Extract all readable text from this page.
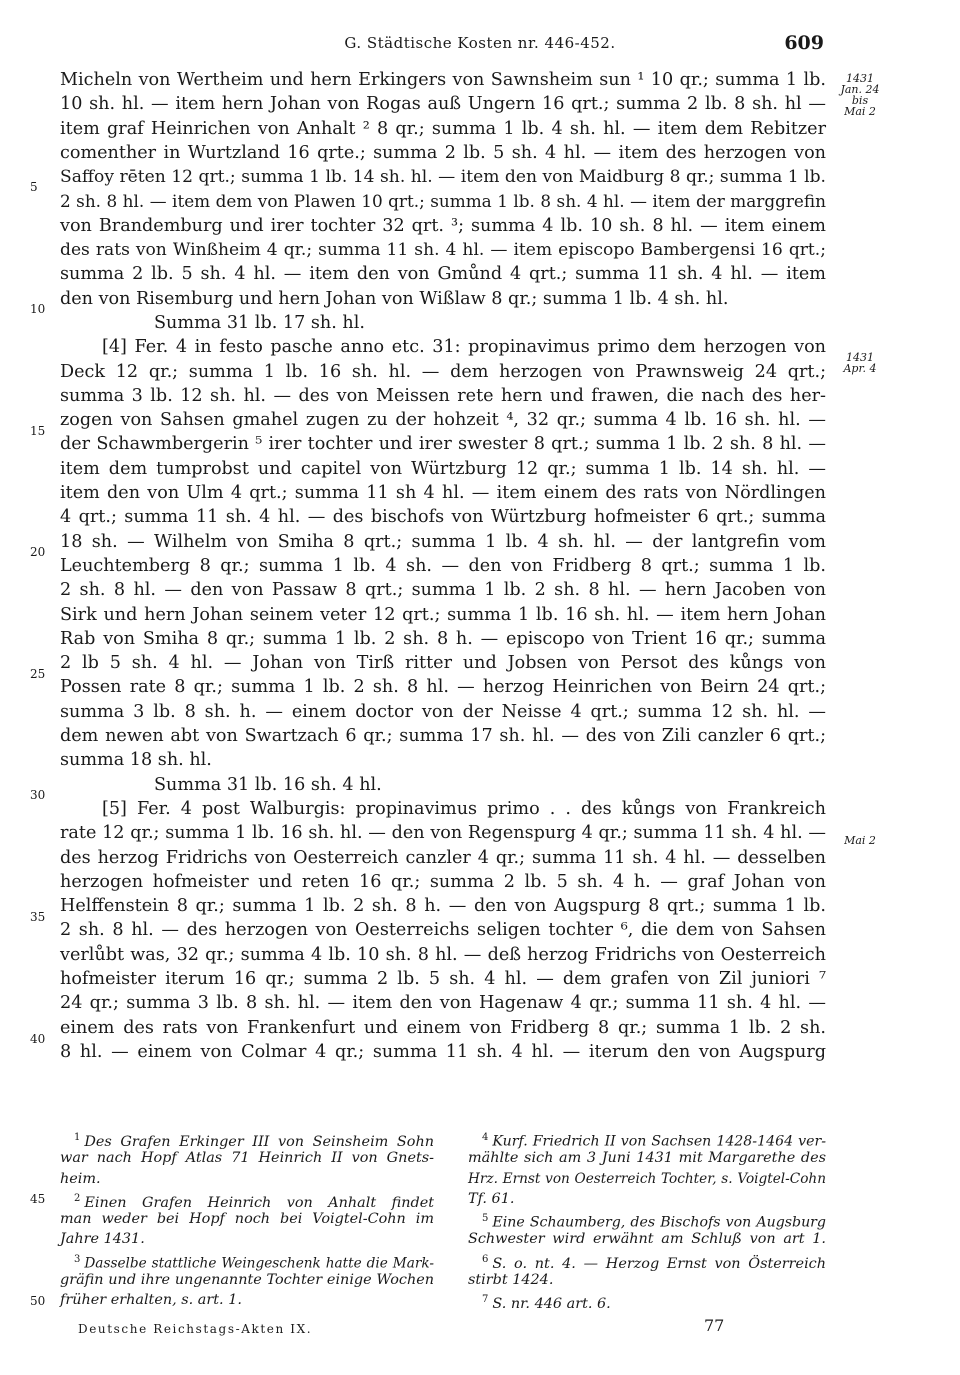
G. Städtische Kosten nr. 446-452.	609
5
10
15
20
25
30
35
40
1431
Jan. 24
bis
Mai 2
1431
Apr. 4
Mai 2
Micheln von Wertheim und hern Erkingers von Sawnsheim sun ¹ 10 qr.; summa 1 lb.
10 sh. hl. — item hern Johan von Rogas auß Ungern 16 qrt.; summa 2 lb. 8 sh. hl —
item graf Heinrichen von Anhalt ² 8 qr.; summa 1 lb. 4 sh. hl. — item dem Rebitzer
comenther in Wurtzland 16 qrte.; summa 2 lb. 5 sh. 4 hl. — item des herzogen von
Saffoy rēten 12 qrt.; summa 1 lb. 14 sh. hl. — item den von Maidburg 8 qr.; summa 1 lb.
2 sh. 8 hl. — item dem von Plawen 10 qrt.; summa 1 lb. 8 sh. 4 hl. — item der marggrefin
von Brandemburg und irer tochter 32 qrt. ³; summa 4 lb. 10 sh. 8 hl. — item einem
des rats von Winßheim 4 qr.; summa 11 sh. 4 hl. — item episcopo Bambergensi 16 qrt.;
summa 2 lb. 5 sh. 4 hl. — item den von Gmůnd 4 qrt.; summa 11 sh. 4 hl. — item
den von Risemburg und hern Johan von Wißlaw 8 qr.; summa 1 lb. 4 sh. hl.
Summa 31 lb. 17 sh. hl.
[4] Fer. 4 in festo pasche anno etc. 31: propinavimus primo dem herzogen von
Deck 12 qr.; summa 1 lb. 16 sh. hl. — dem herzogen von Prawnsweig 24 qrt.;
summa 3 lb. 12 sh. hl. — des von Meissen rete hern und frawen, die nach des her-
zogen von Sahsen gmahel zugen zu der hohzeit ⁴, 32 qr.; summa 4 lb. 16 sh. hl. —
der Schawmbergerin ⁵ irer tochter und irer swester 8 qrt.; summa 1 lb. 2 sh. 8 hl. —
item dem tumprobst und capitel von Würtzburg 12 qr.; summa 1 lb. 14 sh. hl. —
item den von Ulm 4 qrt.; summa 11 sh 4 hl. — item einem des rats von Nördlingen
4 qrt.; summa 11 sh. 4 hl. — des bischofs von Würtzburg hofmeister 6 qrt.; summa
18 sh. — Wilhelm von Smiha 8 qrt.; summa 1 lb. 4 sh. hl. — der lantgrefin vom
Leuchtemberg 8 qr.; summa 1 lb. 4 sh. — den von Fridberg 8 qrt.; summa 1 lb.
2 sh. 8 hl. — den von Passaw 8 qrt.; summa 1 lb. 2 sh. 8 hl. — hern Jacoben von
Sirk und hern Johan seinem veter 12 qrt.; summa 1 lb. 16 sh. hl. — item hern Johan
Rab von Smiha 8 qr.; summa 1 lb. 2 sh. 8 h. — episcopo von Trient 16 qr.; summa
2 lb 5 sh. 4 hl. — Johan von Tirß ritter und Jobsen von Persot des kůngs von
Possen rate 8 qr.; summa 1 lb. 2 sh. 8 hl. — herzog Heinrichen von Beirn 24 qrt.;
summa 3 lb. 8 sh. h. — einem doctor von der Neisse 4 qrt.; summa 12 sh. hl. —
dem newen abt von Swartzach 6 qr.; summa 17 sh. hl. — des von Zili canzler 6 qrt.;
summa 18 sh. hl.
Summa 31 lb. 16 sh. 4 hl.
[5] Fer. 4 post Walburgis: propinavimus primo . . des kůngs von Frankreich
rate 12 qr.; summa 1 lb. 16 sh. hl. — den von Regenspurg 4 qr.; summa 11 sh. 4 hl. —
des herzog Fridrichs von Oesterreich canzler 4 qr.; summa 11 sh. 4 hl. — desselben
herzogen hofmeister und reten 16 qr.; summa 2 lb. 5 sh. 4 h. — graf Johan von
Helffenstein 8 qr.; summa 1 lb. 2 sh. 8 h. — den von Augspurg 8 qrt.; summa 1 lb.
2 sh. 8 hl. — des herzogen von Oesterreichs seligen tochter ⁶, die dem von Sahsen
verlůbt was, 32 qr.; summa 4 lb. 10 sh. 8 hl. — deß herzog Fridrichs von Oesterreich
hofmeister iterum 16 qr.; summa 2 lb. 5 sh. 4 hl. — dem grafen von Zil juniori ⁷
24 qr.; summa 3 lb. 8 sh. hl. — item den von Hagenaw 4 qr.; summa 11 sh. 4 hl. —
einem des rats von Frankenfurt und einem von Fridberg 8 qr.; summa 1 lb. 2 sh.
8 hl. — einem von Colmar 4 qr.; summa 11 sh. 4 hl. — iterum den von Augspurg
45
50
$^1$ Des Grafen Erkinger III von Seinsheim Sohn
war nach Hopf Atlas 71 Heinrich II von Gnets-
heim.
$^2$ Einen Grafen Heinrich von Anhalt findet
man weder bei Hopf noch bei Voigtel-Cohn im
Jahre 1431.
$^3$ Dasselbe stattliche Weingeschenk hatte die Mark-
gräfin und ihre ungenannte Tochter einige Wochen
früher erhalten, s. art. 1.
$^4$ Kurf. Friedrich II von Sachsen 1428-1464 ver-
mählte sich am 3 Juni 1431 mit Margarethe des
Hrz. Ernst von Oesterreich Tochter, s. Voigtel-Cohn
Tf. 61.
$^5$ Eine Schaumberg, des Bischofs von Augsburg
Schwester wird erwähnt am Schluß von art 1.
$^6$ S. o. nt. 4. — Herzog Ernst von Österreich
stirbt 1424.
$^7$ S. nr. 446 art. 6.
Deutsche Reichstags-Akten IX.	77
